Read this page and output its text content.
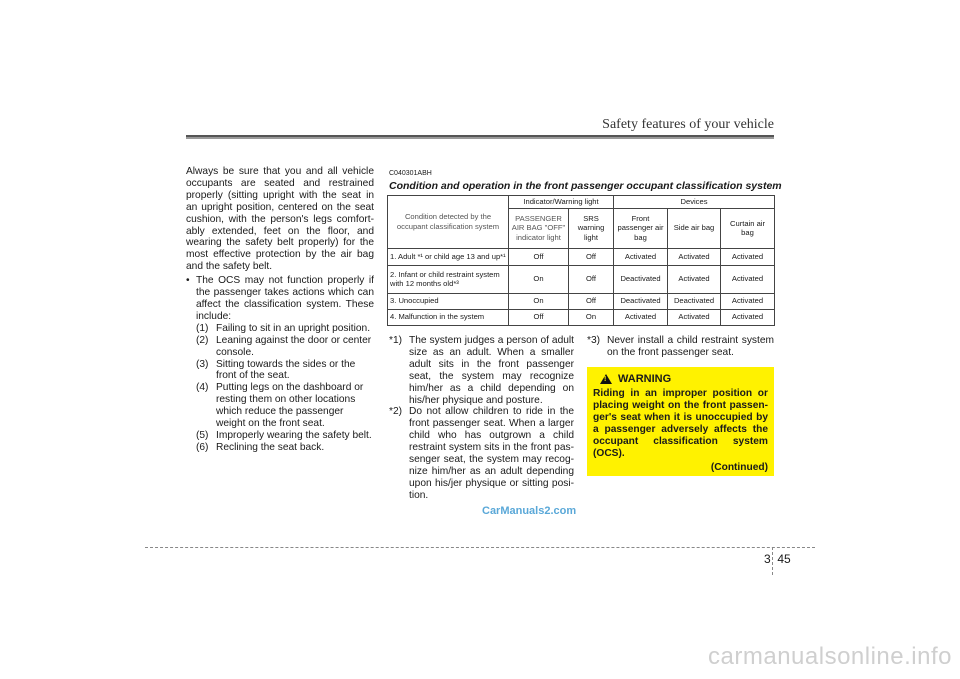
Safety features of your vehicle

Always be sure that you and all vehicle occupants are seated and restrained properly (sitting upright with the seat in an upright position, centered on the seat cushion, with the person's legs comfort-ably extended, feet on the floor, and wearing the safety belt properly) for the most effective protection by the air bag and the safety belt.

• The OCS may not function properly if the passenger takes actions which can affect the classification system. These include:
(1) Failing to sit in an upright position.
(2) Leaning against the door or center console.
(3) Sitting towards the sides or the front of the seat.
(4) Putting legs on the dashboard or resting them on other locations which reduce the passenger weight on the front seat.
(5) Improperly wearing the safety belt.
(6) Reclining the seat back.
C040301ABH
Condition and operation in the front passenger occupant classification system
Condition detected by the occupant classification system	Indicator/Warning light		Devices		
	PASSENGER AIR BAG "OFF" indicator light	SRS warning light	Front passenger air bag	Side air bag	Curtain air bag
1. Adult *¹ or child age 13 and up*¹	Off	Off	Activated	Activated	Activated
2. Infant or child restraint system with 12 months old*³	On	Off	Deactivated	Activated	Activated
3. Unoccupied	On	Off	Deactivated	Deactivated	Activated
4. Malfunction in the system	Off	On	Activated	Activated	Activated
*1) The system judges a person of adult size as an adult. When a smaller adult sits in the front passenger seat, the system may recognize him/her as a child depending on his/her physique and posture.
*2) Do not allow children to ride in the front passenger seat. When a larger child who has outgrown a child restraint system sits in the front pas-senger seat, the system may recog-nize him/her as an adult depending upon his/jer physique or sitting posi-tion.
*3) Never install a child restraint system on the front passenger seat.
! WARNING
Riding in an improper position or placing weight on the front passen-ger's seat when it is unoccupied by a passenger adversely affects the occupant classification system (OCS).
(Continued)
CarManuals2.com
3 45
carmanualsonline.info
